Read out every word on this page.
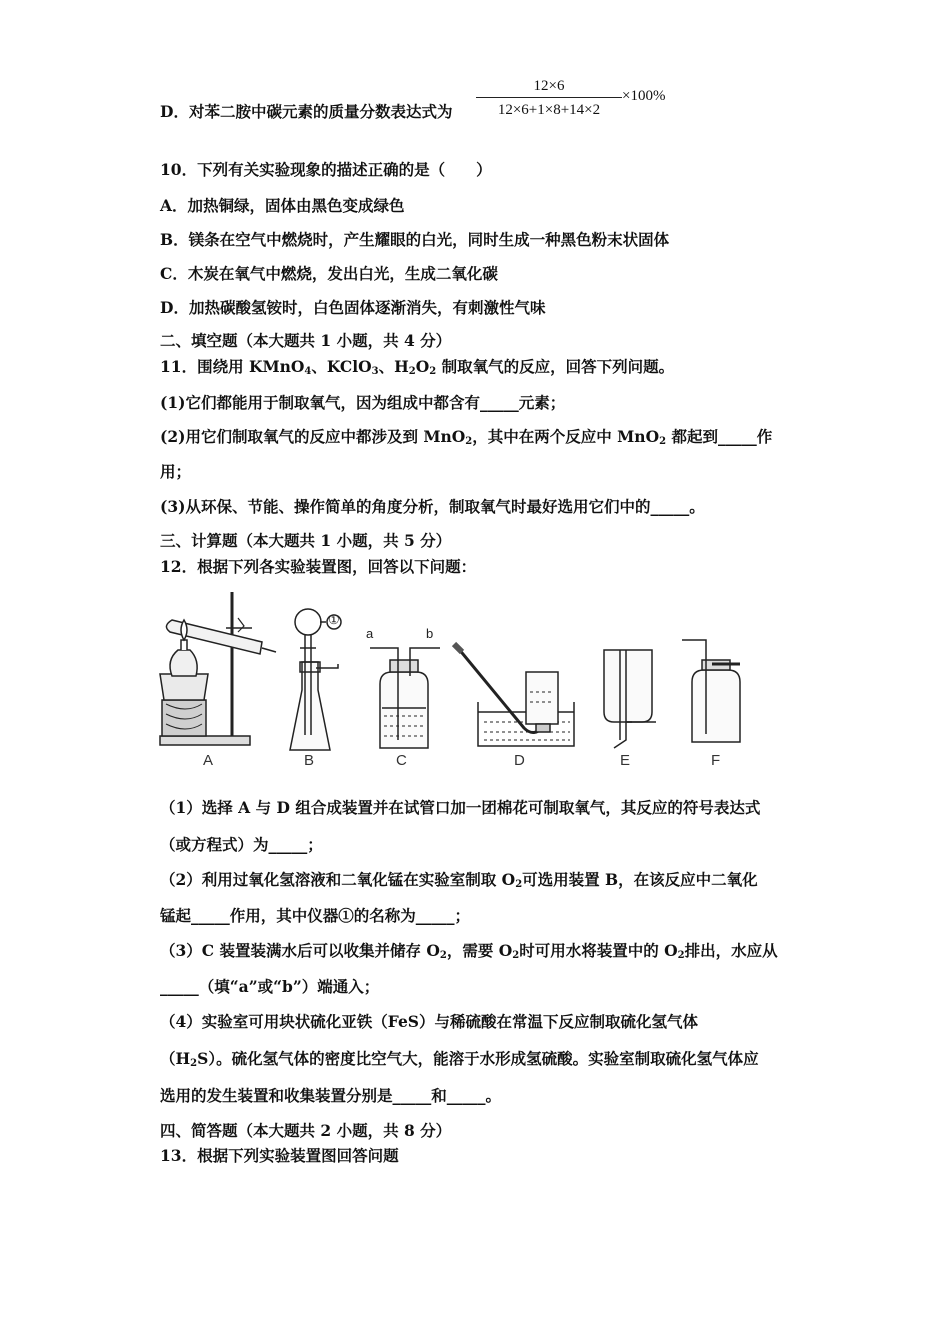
D．对苯二胺中碳元素的质量分数表达式为
12×6
12×6+1×8+14×2
×100%
10．下列有关实验现象的描述正确的是（　　）
A．加热铜绿，固体由黑色变成绿色
B．镁条在空气中燃烧时，产生耀眼的白光，同时生成一种黑色粉末状固体
C．木炭在氧气中燃烧，发出白光，生成二氧化碳
D．加热碳酸氢铵时，白色固体逐渐消失，有刺激性气味
二、填空题（本大题共 1 小题，共 4 分）
11．围绕用 KMnO$_4$、KClO$_3$、$H_2O_2$ 制取氧气的反应，回答下列问题。
(1)它们都能用于制取氧气，因为组成中都含有_____元素；
(2)用它们制取氧气的反应中都涉及到 MnO$_2$，其中在两个反应中 MnO$_2$ 都起到_____作
用；
(3)从环保、节能、操作简单的角度分析，制取氧气时最好选用它们中的_____。
三、计算题（本大题共 1 小题，共 5 分）
12．根据下列各实验装置图，回答以下问题：
①
a	b
A	B	C	D	E	F
（1）选择 A 与 D 组合成装置并在试管口加一团棉花可制取氧气，其反应的符号表达式
（或方程式）为_____；
（2）利用过氧化氢溶液和二氧化锰在实验室制取 $O_2$可选用装置 B，在该反应中二氧化
锰起_____作用，其中仪器①的名称为_____；
（3）C 装置装满水后可以收集并储存 $O_2$，需要 $O_2$时可用水将装置中的 $O_2$排出，水应从
_____（填“a”或“b”）端通入；
（4）实验室可用块状硫化亚铁（FeS）与稀硫酸在常温下反应制取硫化氢气体
$(H_2S)$。硫化氢气体的密度比空气大，能溶于水形成氢硫酸。实验室制取硫化氢气体应
选用的发生装置和收集装置分别是_____和_____。
四、简答题（本大题共 2 小题，共 8 分）
13．根据下列实验装置图回答问题
